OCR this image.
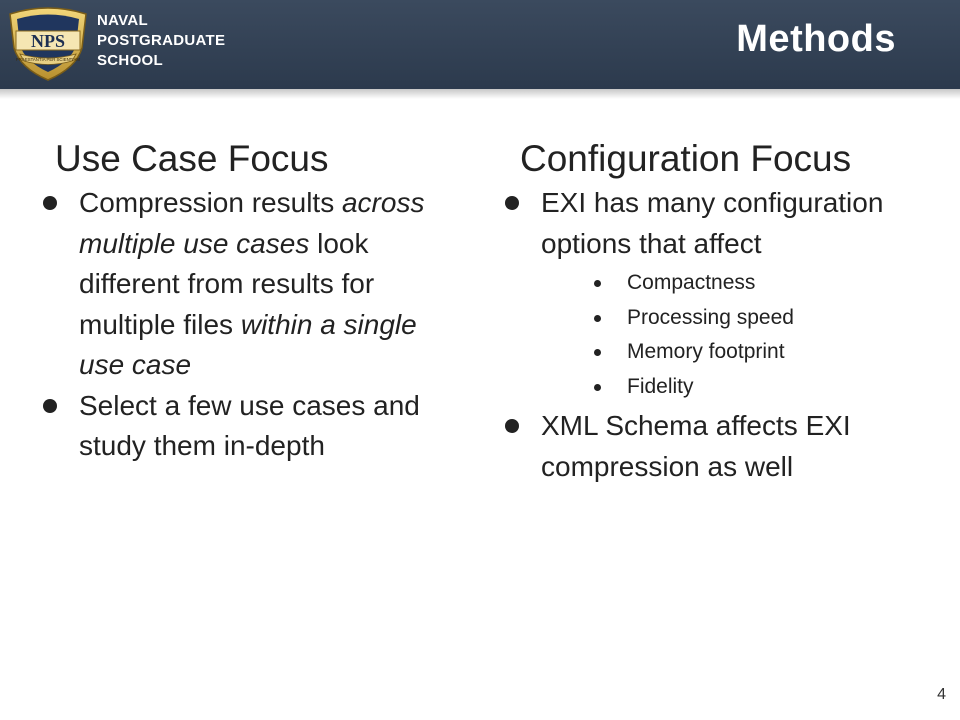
NPS
PRAESTANTIA PER SCIENTIAM
NAVAL
POSTGRADUATE
SCHOOL
Methods
Use Case Focus
Compression results across multiple use cases look different from results for multiple files within a single use case
Select a few use cases and study them in-depth
Configuration Focus
EXI has many configuration options that affect
Compactness
Processing speed
Memory footprint
Fidelity
XML Schema affects EXI compression as well
4
